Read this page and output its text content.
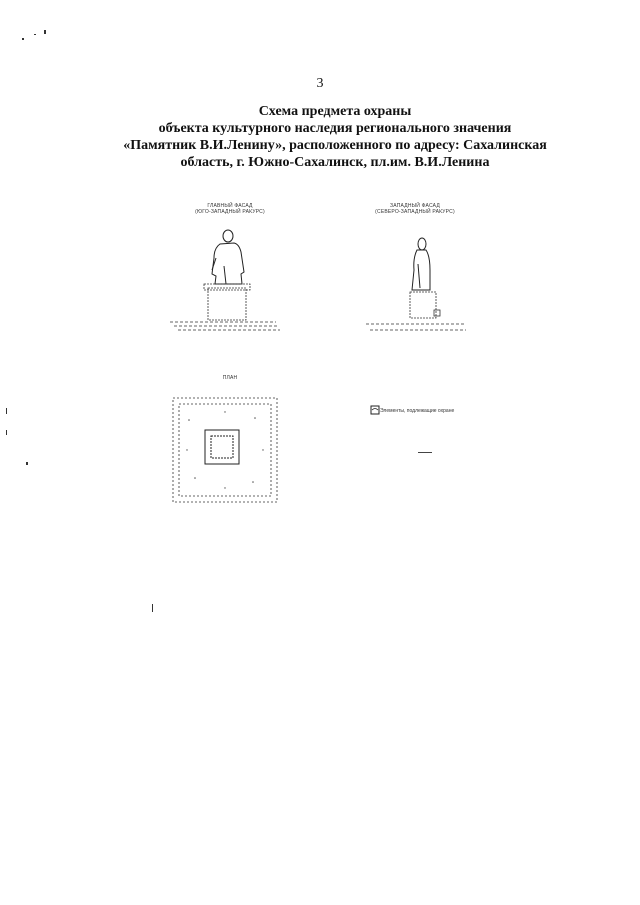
3
Схема предмета охраны
объекта культурного наследия регионального значения
«Памятник В.И.Ленину», расположенного по адресу: Сахалинская
область, г. Южно-Сахалинск, пл.им. В.И.Ленина
ГЛАВНЫЙ ФАСАД
(ЮГО-ЗАПАДНЫЙ РАКУРС)
ЗАПАДНЫЙ ФАСАД
(СЕВЕРО-ЗАПАДНЫЙ РАКУРС)
ПЛАН
Элементы, подлежащие охране
